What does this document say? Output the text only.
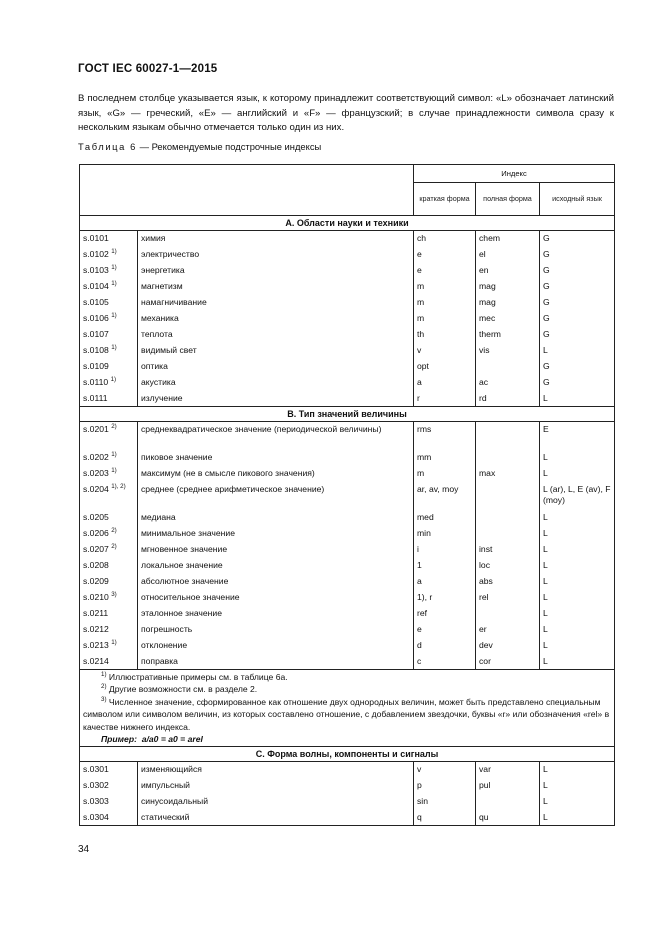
ГОСТ IEC 60027-1—2015

В последнем столбце указывается язык, к которому принадлежит соответствующий символ: «L» обозначает латинский язык, «G» — греческий, «E» — английский и «F» — французский; в случае принадлежности символа сразу к нескольким языкам обычно отмечается только один из них.

Таблица 6 — Рекомендуемые подстрочные индексы
		Индекс		
		краткая форма	полная форма	исходный язык
А. Области науки и техники				
s.0101	химия	ch	chem	G
s.0102 $^{1)}$	электричество	e	el	G
s.0103 $^{1)}$	энергетика	e	en	G
s.0104 $^{1)}$	магнетизм	m	mag	G
s.0105	намагничивание	m	mag	G
s.0106 $^{1)}$	механика	m	mec	G
s.0107	теплота	th	therm	G
s.0108 $^{1)}$	видимый свет	v	vis	L
s.0109	оптика	opt		G
s.0110 $^{1)}$	акустика	a	ac	G
s.0111	излучение	r	rd	L
В. Тип значений величины				
s.0201 $^{2)}$	среднеквадратическое значение (периодической величины)	rms		E
s.0202 $^{1)}$	пиковое значение	mm		L
s.0203 $^{1)}$	максимум (не в смысле пикового значения)	m	max	L
s.0204 $^{1), 2)}$	среднее (среднее арифметическое значение)	ar, av, moy		L (ar), L, E (av), F (moy)
s.0205	медиана	med		L
s.0206 $^{2)}$	минимальное значение	min		L
s.0207 $^{2)}$	мгновенное значение	i	inst	L
s.0208	локальное значение	1	loc	L
s.0209	абсолютное значение	a	abs	L
s.0210 $^{3)}$	относительное значение	1), r	rel	L
s.0211	эталонное значение	ref		L
s.0212	погрешность	e	er	L
s.0213 $^{1)}$	отклонение	d	dev	L
s.0214	поправка	c	cor	L

$^{1)}$ Иллюстративные примеры см. в таблице 6а.
$^{2)}$ Другие возможности см. в разделе 2.
$^{3)}$ Численное значение, сформированное как отношение двух однородных величин, может быть представлено специальным символом или символом величин, из которых составлено отношение, с добавлением звездочки, буквы «r» или обозначения «rel» в качестве нижнего индекса.
Пример: a/a0 = a0 = arel				

С. Форма волны, компоненты и сигналы				
s.0301	изменяющийся	v	var	L
s.0302	импульсный	p	pul	L
s.0303	синусоидальный	sin		L
s.0304	статический	q	qu	L
34
